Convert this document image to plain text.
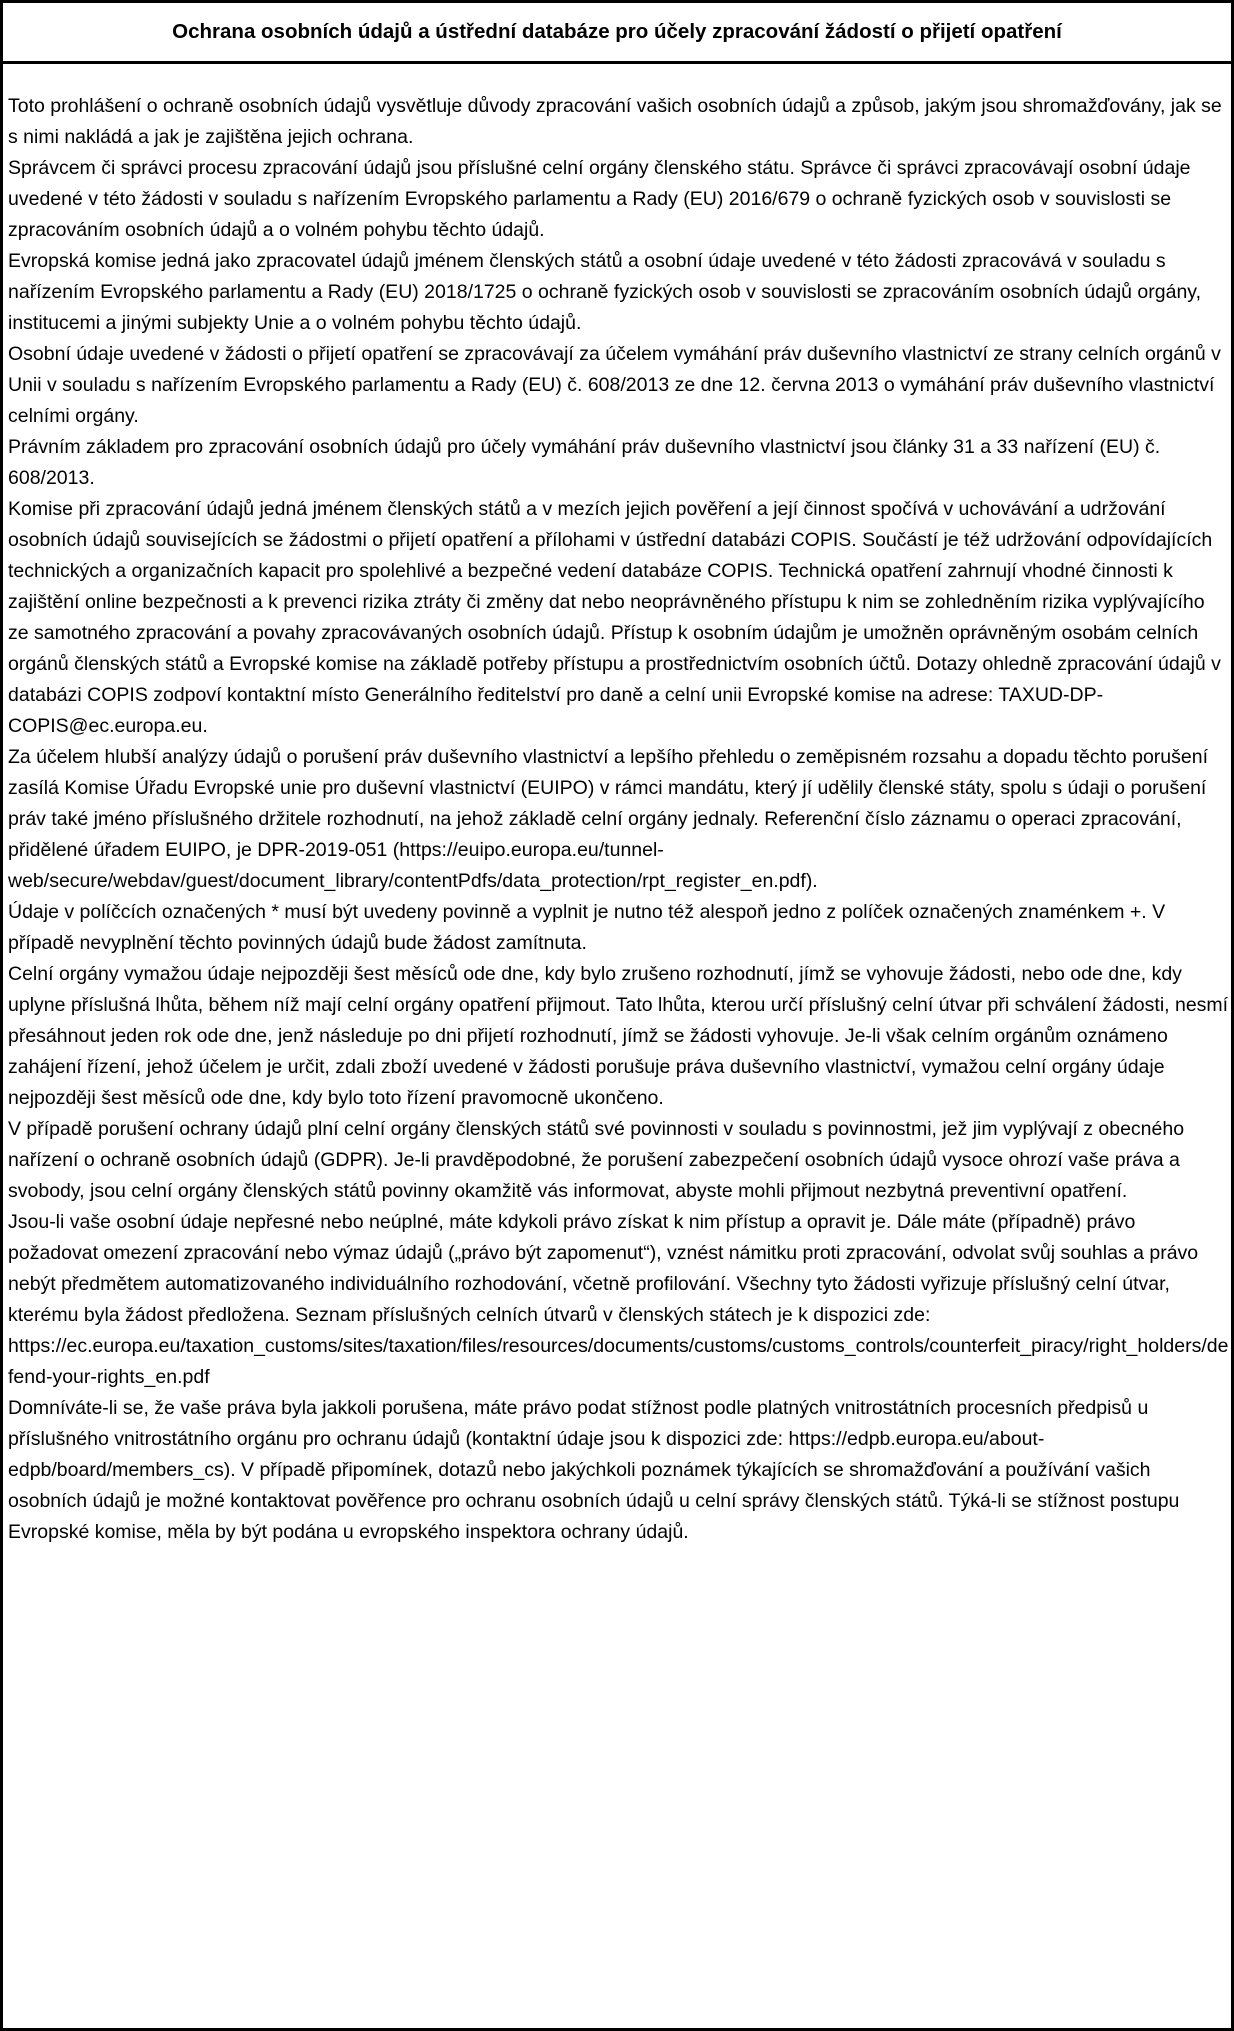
Ochrana osobních údajů a ústřední databáze pro účely zpracování žádostí o přijetí opatření

Toto prohlášení o ochraně osobních údajů vysvětluje důvody zpracování vašich osobních údajů a způsob, jakým jsou shromažďovány, jak se s nimi nakládá a jak je zajištěna jejich ochrana.

Správcem či správci procesu zpracování údajů jsou příslušné celní orgány členského státu. Správce či správci zpracovávají osobní údaje uvedené v této žádosti v souladu s nařízením Evropského parlamentu a Rady (EU) 2016/679 o ochraně fyzických osob v souvislosti se zpracováním osobních údajů a o volném pohybu těchto údajů.

Evropská komise jedná jako zpracovatel údajů jménem členských států a osobní údaje uvedené v této žádosti zpracovává v souladu s nařízením Evropského parlamentu a Rady (EU) 2018/1725 o ochraně fyzických osob v souvislosti se zpracováním osobních údajů orgány, institucemi a jinými subjekty Unie a o volném pohybu těchto údajů.

Osobní údaje uvedené v žádosti o přijetí opatření se zpracovávají za účelem vymáhání práv duševního vlastnictví ze strany celních orgánů v Unii v souladu s nařízením Evropského parlamentu a Rady (EU) č. 608/2013 ze dne 12. června 2013 o vymáhání práv duševního vlastnictví celními orgány.

Právním základem pro zpracování osobních údajů pro účely vymáhání práv duševního vlastnictví jsou články 31 a 33 nařízení (EU) č. 608/2013.

Komise při zpracování údajů jedná jménem členských států a v mezích jejich pověření a její činnost spočívá v uchovávání a udržování osobních údajů souvisejících se žádostmi o přijetí opatření a přílohami v ústřední databázi COPIS. Součástí je též udržování odpovídajících technických a organizačních kapacit pro spolehlivé a bezpečné vedení databáze COPIS. Technická opatření zahrnují vhodné činnosti k zajištění online bezpečnosti a k prevenci rizika ztráty či změny dat nebo neoprávněného přístupu k nim se zohledněním rizika vyplývajícího ze samotného zpracování a povahy zpracovávaných osobních údajů. Přístup k osobním údajům je umožněn oprávněným osobám celních orgánů členských států a Evropské komise na základě potřeby přístupu a prostřednictvím osobních účtů. Dotazy ohledně zpracování údajů v databázi COPIS zodpoví kontaktní místo Generálního ředitelství pro daně a celní unii Evropské komise na adrese: TAXUD-DP-COPIS@ec.europa.eu.

Za účelem hlubší analýzy údajů o porušení práv duševního vlastnictví a lepšího přehledu o zeměpisném rozsahu a dopadu těchto porušení zasílá Komise Úřadu Evropské unie pro duševní vlastnictví (EUIPO) v rámci mandátu, který jí udělily členské státy, spolu s údaji o porušení práv také jméno příslušného držitele rozhodnutí, na jehož základě celní orgány jednaly. Referenční číslo záznamu o operaci zpracování, přidělené úřadem EUIPO, je DPR-2019-051 (https://euipo.europa.eu/tunnel-web/secure/webdav/guest/document_library/contentPdfs/data_protection/rpt_register_en.pdf).

Údaje v políčcích označených * musí být uvedeny povinně a vyplnit je nutno též alespoň jedno z políček označených znaménkem +. V případě nevyplnění těchto povinných údajů bude žádost zamítnuta.

Celní orgány vymažou údaje nejpozději šest měsíců ode dne, kdy bylo zrušeno rozhodnutí, jímž se vyhovuje žádosti, nebo ode dne, kdy uplyne příslušná lhůta, během níž mají celní orgány opatření přijmout. Tato lhůta, kterou určí příslušný celní útvar při schválení žádosti, nesmí přesáhnout jeden rok ode dne, jenž následuje po dni přijetí rozhodnutí, jímž se žádosti vyhovuje. Je-li však celním orgánům oznámeno zahájení řízení, jehož účelem je určit, zdali zboží uvedené v žádosti porušuje práva duševního vlastnictví, vymažou celní orgány údaje nejpozději šest měsíců ode dne, kdy bylo toto řízení pravomocně ukončeno.

V případě porušení ochrany údajů plní celní orgány členských států své povinnosti v souladu s povinnostmi, jež jim vyplývají z obecného nařízení o ochraně osobních údajů (GDPR). Je-li pravděpodobné, že porušení zabezpečení osobních údajů vysoce ohrozí vaše práva a svobody, jsou celní orgány členských států povinny okamžitě vás informovat, abyste mohli přijmout nezbytná preventivní opatření.

Jsou-li vaše osobní údaje nepřesné nebo neúplné, máte kdykoli právo získat k nim přístup a opravit je. Dále máte (případně) právo požadovat omezení zpracování nebo výmaz údajů („právo být zapomenut“), vznést námitku proti zpracování, odvolat svůj souhlas a právo nebýt předmětem automatizovaného individuálního rozhodování, včetně profilování. Všechny tyto žádosti vyřizuje příslušný celní útvar, kterému byla žádost předložena. Seznam příslušných celních útvarů v členských státech je k dispozici zde: https://ec.europa.eu/taxation_customs/sites/taxation/files/resources/documents/customs/customs_controls/counterfeit_piracy/right_holders/defend-your-rights_en.pdf

Domníváte-li se, že vaše práva byla jakkoli porušena, máte právo podat stížnost podle platných vnitrostátních procesních předpisů u příslušného vnitrostátního orgánu pro ochranu údajů (kontaktní údaje jsou k dispozici zde: https://edpb.europa.eu/about-edpb/board/members_cs). V případě připomínek, dotazů nebo jakýchkoli poznámek týkajících se shromažďování a používání vašich osobních údajů je možné kontaktovat pověřence pro ochranu osobních údajů u celní správy členských států. Týká-li se stížnost postupu Evropské komise, měla by být podána u evropského inspektora ochrany údajů.
